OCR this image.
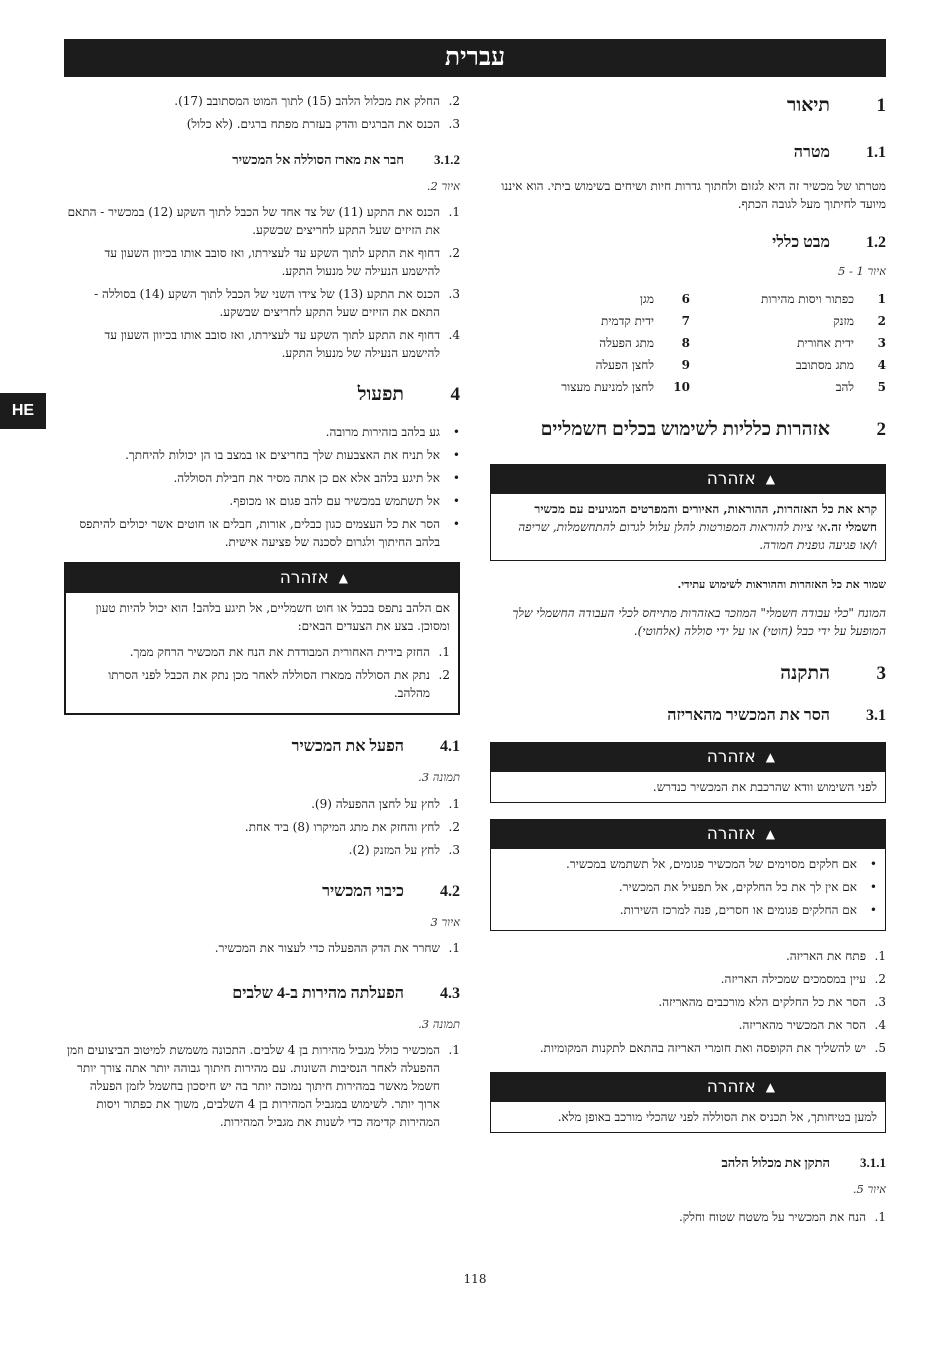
עברית
HE
1
תיאור
1.1
מטרה

מטרתו של מכשיר זה היא לגזום ולחתוך גדרות חיות ושיחים בשימוש ביתי. הוא איננו מיועד לחיתוך מעל לגובה הכתף.

1.2
מבט כללי
איור 1 - 5
1
כפתור ויסות מהירות
6
מגן
2
מזנק
7
ידית קדמית
3
ידית אחורית
8
מתג הפעלה
4
מתג מסתובב
9
לחצן הפעלה
5
להב
10
לחצן למניעת מעצור
2
אזהרות כלליות לשימוש בכלים חשמליים
▲
אזהרה
קרא את כל האזהרות, ההוראות, האיורים והמפרטים המגיעים עם מכשיר חשמלי זה.אי ציות להוראות המפורטות להלן עלול לגרום להתחשמלות, שריפה ו/או פגיעה גופנית חמורה.

שמור את כל האזהרות וההוראות לשימוש עתידי.

המונח "כלי עבודה חשמלי" המוזכר באזהרות מתייחס לכלי העבודה החשמלי שלך המופעל על ידי כבל (חוטי) או על ידי סוללה (אלחוטי).

3
התקנה
3.1
הסר את המכשיר מהאריזה
▲
אזהרה
לפני השימוש וודא שהרכבת את המכשיר כנדרש.
▲
אזהרה
•
אם חלקים מסוימים של המכשיר פגומים, אל תשתמש במכשיר.
•
אם אין לך את כל החלקים, אל תפעיל את המכשיר.
•
אם החלקים פגומים או חסרים, פנה למרכז השירות.
1.
פתח את האריזה.
2.
עיין במסמכים שמכילה האריזה.
3.
הסר את כל החלקים הלא מורכבים מהאריזה.
4.
הסר את המכשיר מהאריזה.
5.
יש להשליך את הקופסה ואת חומרי האריזה בהתאם לתקנות המקומיות.
▲
אזהרה
למען בטיחותך, אל תכניס את הסוללה לפני שהכלי מורכב באופן מלא.
3.1.1
התקן את מכלול הלהב
איור 5.
1.
הנח את המכשיר על משטח שטוח וחלק.
2.
החלק את מכלול הלהב (15) לתוך המוט המסתובב (17).
3.
הכנס את הברגים והדק בעזרת מפתח ברגים. (לא כלול)
3.1.2
חבר את מארז הסוללה אל המכשיר
איור 2.
1.
הכנס את התקע (11) של צד אחד של הכבל לתוך השקע (12) במכשיר - התאם את הזיזים שעל התקע לחריצים שבשקע.
2.
דחוף את התקע לתוך השקע עד לעצירתו, ואז סובב אותו בכיוון השעון עד להישמע הנעילה של מנעול התקע.
3.
הכנס את התקע (13) של צידו השני של הכבל לתוך השקע (14) בסוללה - התאם את הזיזים שעל התקע לחריצים שבשקע.
4.
דחוף את התקע לתוך השקע עד לעצירתו, ואז סובב אותו בכיוון השעון עד להישמע הנעילה של מנעול התקע.
4
תפעול
•
גע בלהב בזהירות מרובה.
•
אל תניח את האצבעות שלך בחריצים או במצב בו הן יכולות להיחתך.
•
אל תיגע בלהב אלא אם כן אתה מסיר את חבילת הסוללה.
•
אל תשתמש במכשיר עם להב פגום או מכופף.
•
הסר את כל העצמים כגון כבלים, אורות, חבלים או חוטים אשר יכולים להיתפס בלהב החיתוך ולגרום לסכנה של פציעה אישית.
▲
אזהרה

אם הלהב נתפס בכבל או חוט חשמליים, אל תיגע בלהב! הוא יכול להיות טעון ומסוכן. בצע את הצעדים הבאים:

1.
החזק בידית האחורית המבודדת את הנח את המכשיר הרחק ממך.
2.
נתק את הסוללה ממארז הסוללה לאחר מכן נתק את הכבל לפני הסרתו מהלהב.
4.1
הפעל את המכשיר
תמונה 3.
1.
לחץ על לחצן ההפעלה (9).
2.
לחץ והחזק את מתג המיקרו (8) ביד אחת.
3.
לחץ על המזנק (2).
4.2
כיבוי המכשיר
איור 3
1.
שחרר את הדק ההפעלה כדי לעצור את המכשיר.
4.3
הפעלתה מהירות ב-4 שלבים
תמונה 3.
1.
המכשיר כולל מגביל מהירות בן 4 שלבים. התכונה משמשת למיטוב הביצועים וזמן ההפעלה לאחר הנסיבות השונות. עם מהירות חיתוך גבוהה יותר אתה צורך יותר חשמל מאשר במהירות חיתוך נמוכה יותר בה יש חיסכון בחשמל לזמן הפעלה ארוך יותר. לשימוש במגביל המהירות בן 4 השלבים, משוך את כפתור ויסות המהירות קדימה כדי לשנות את מגביל המהירות.
118
